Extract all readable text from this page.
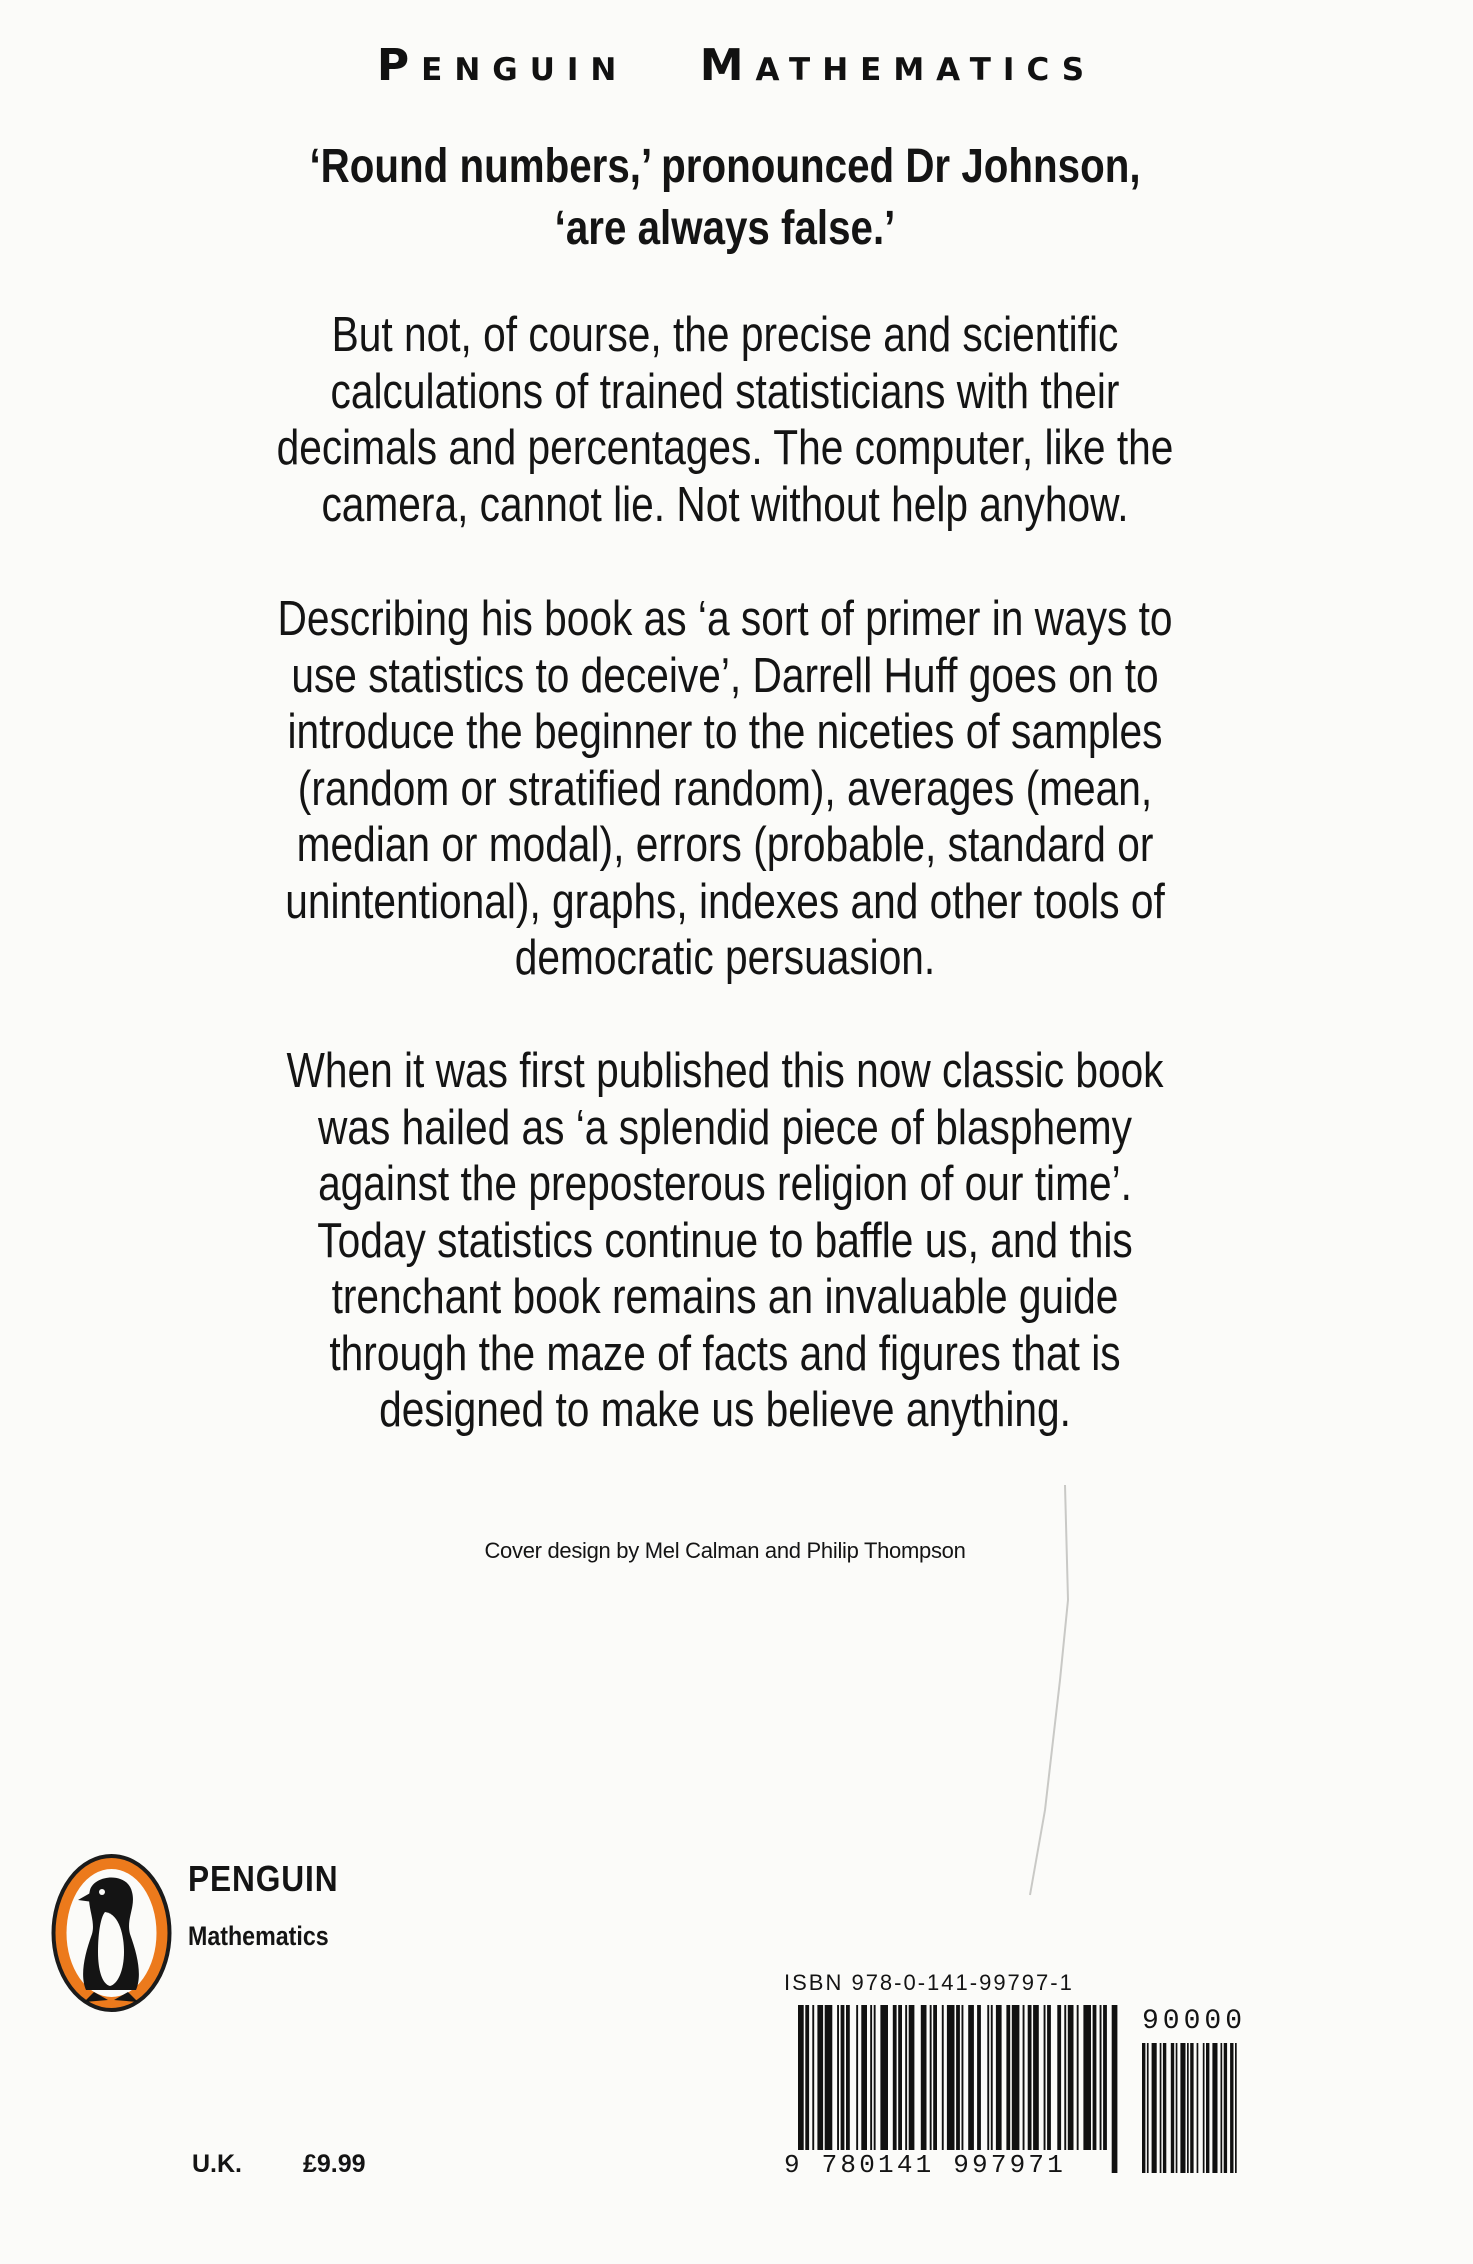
Penguin Mathematics
‘Round numbers,’ pronounced Dr Johnson, ‘are always false.’
But not, of course, the precise and scientific calculations of trained statisticians with their decimals and percentages. The computer, like the camera, cannot lie. Not without help anyhow.
Describing his book as ‘a sort of primer in ways to use statistics to deceive’, Darrell Huff goes on to introduce the beginner to the niceties of samples (random or stratified random), averages (mean, median or modal), errors (probable, standard or unintentional), graphs, indexes and other tools of democratic persuasion.
When it was first published this now classic book was hailed as ‘a splendid piece of blasphemy against the preposterous religion of our time’. Today statistics continue to baffle us, and this trenchant book remains an invaluable guide through the maze of facts and figures that is designed to make us believe anything.
Cover design by Mel Calman and Philip Thompson
PENGUIN
Mathematics
U.K. £9.99
ISBN 978-0-141-99797-1
90000
9 780141 997971
